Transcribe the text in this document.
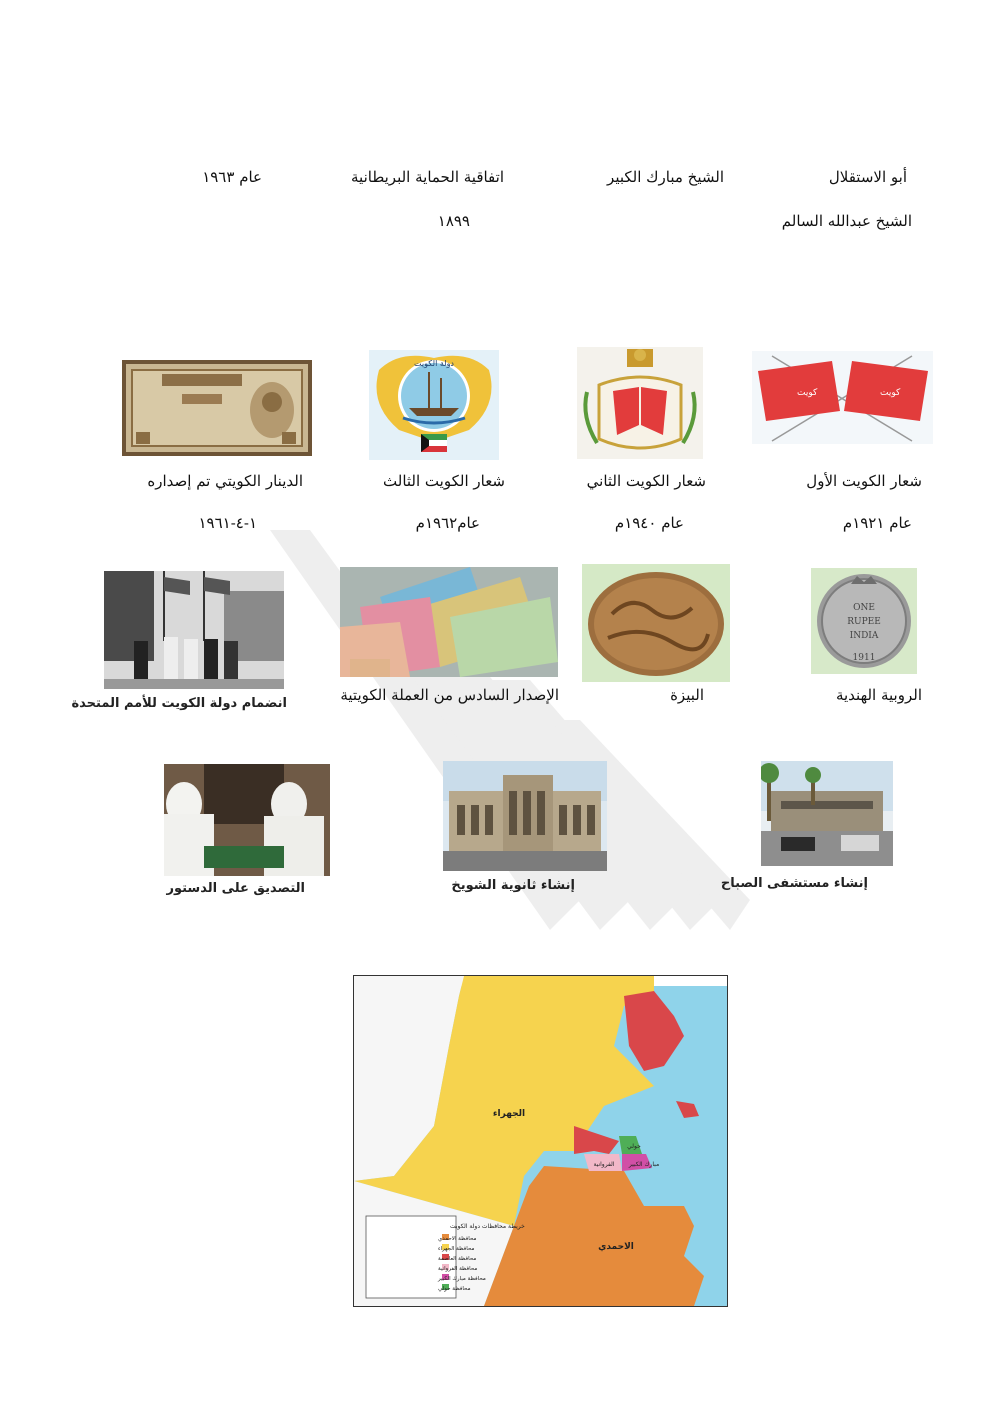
أبو الاستقلال
الشيخ مبارك الكبير
اتفاقية الحماية البريطانية
عام ١٩٦٣
الشيخ عبدالله السالم
١٨٩٩
كويت	كويت
دولة الكويت
شعار الكويت الأول
عام ١٩٢١م
شعار الكويت الثاني
عام ١٩٤٠م
شعار الكويت الثالث
عام١٩٦٢م
الدينار الكويتي تم إصداره
١-٤-١٩٦١
ONE
RUPEE
INDIA
1911
الروبية الهندية
البيزة
الإصدار السادس من العملة الكويتية
انضمام دولة الكويت للأمم المتحدة
إنشاء مستشفى الصباح
إنشاء ثانوية الشويخ
التصديق على الدستور
الجهراء
الاحمدي
حولي
الفروانية مبارك الكبير
خريطة محافظات دولة الكويت
محافظة الاحمدي
محافظة الجهراء
محافظة العاصمة
محافظة الفروانية
محافظة مبارك الكبير
محافظة حولي
